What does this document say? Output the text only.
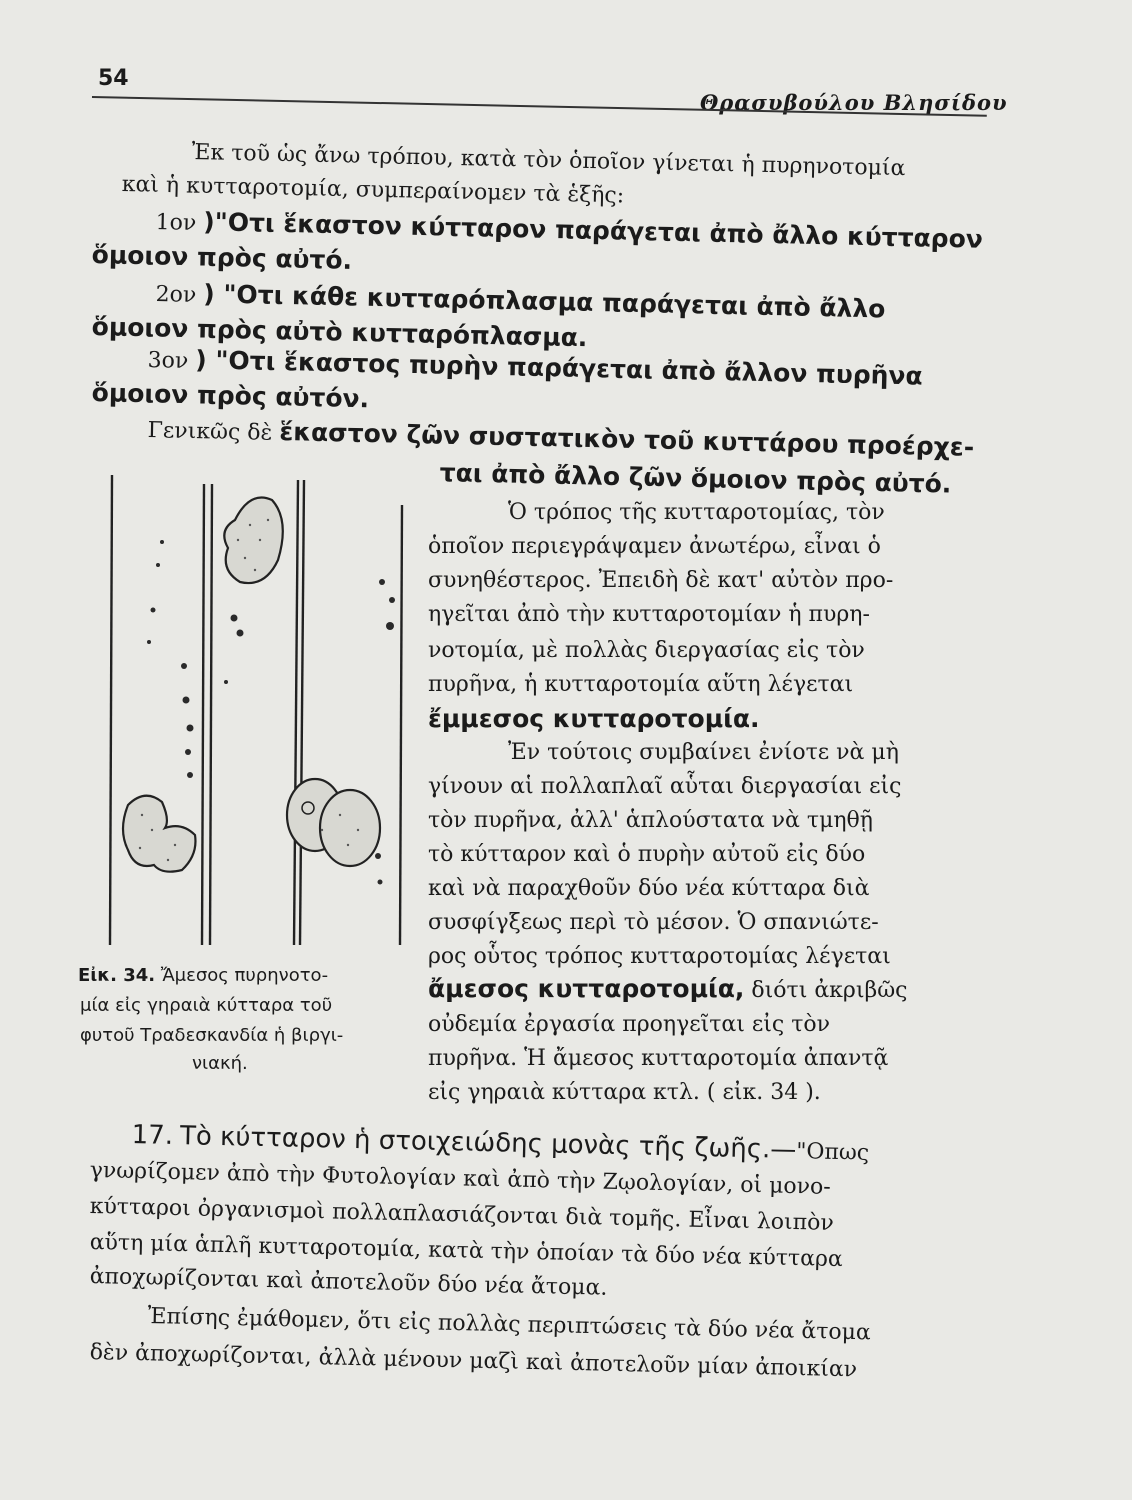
54
Θρασυβούλου Βλησίδου
Ἐκ τοῦ ὡς ἄνω τρόπου, κατὰ τὸν ὁποῖον γίνεται ἡ πυρηνοτομία
καὶ ἡ κυτταροτομία, συμπεραίνομεν τὰ ἑξῆς:
1ον )"Οτι ἕκαστον κύτταρον παράγεται ἀπὸ ἄλλο κύτταρον
ὅμοιον πρὸς αὐτό.
2ον ) "Οτι κάθε κυτταρόπλασμα παράγεται ἀπὸ ἄλλο
ὅμοιον πρὸς αὐτὸ κυτταρόπλασμα.
3ον ) "Οτι ἕκαστος πυρὴν παράγεται ἀπὸ ἄλλον πυρῆνα
ὅμοιον πρὸς αὐτόν.
Γενικῶς δὲ ἕκαστον ζῶν συστατικὸν τοῦ κυττάρου προέρχε-
ται ἀπὸ ἄλλο ζῶν ὅμοιον πρὸς αὐτό.
Εἰκ. 34. Ἄμεσος πυρηνοτο-
μία εἰς γηραιὰ κύτταρα τοῦ
φυτοῦ Τραδεσκανδία ἡ βιργι-
νιακή.
Ὁ τρόπος τῆς κυτταροτομίας, τὸν
ὁποῖον περιεγράψαμεν ἀνωτέρω, εἶναι ὁ
συνηθέστερος. Ἐπειδὴ δὲ κατ' αὐτὸν προ-
ηγεῖται ἀπὸ τὴν κυτταροτομίαν ἡ πυρη-
νοτομία, μὲ πολλὰς διεργασίας εἰς τὸν
πυρῆνα, ἡ κυτταροτομία αὕτη λέγεται
ἔμμεσος κυτταροτομία.
Ἐν τούτοις συμβαίνει ἐνίοτε νὰ μὴ
γίνουν αἱ πολλαπλαῖ αὗται διεργασίαι εἰς
τὸν πυρῆνα, ἀλλ' ἁπλούστατα νὰ τμηθῇ
τὸ κύτταρον καὶ ὁ πυρὴν αὐτοῦ εἰς δύο
καὶ νὰ παραχθοῦν δύο νέα κύτταρα διὰ
συσφίγξεως περὶ τὸ μέσον. Ὁ σπανιώτε-
ρος οὗτος τρόπος κυτταροτομίας λέγεται
ἄμεσος κυτταροτομία, διότι ἀκριβῶς
οὐδεμία ἐργασία προηγεῖται εἰς τὸν
πυρῆνα. Ἡ ἄμεσος κυτταροτομία ἀπαντᾷ
εἰς γηραιὰ κύτταρα κτλ. ( εἰκ. 34 ).
17. Τὸ κύτταρον ἡ στοιχειώδης μονὰς τῆς ζωῆς.—"Οπως
γνωρίζομεν ἀπὸ τὴν Φυτολογίαν καὶ ἀπὸ τὴν Ζῳολογίαν, οἱ μονο-
κύτταροι ὀργανισμοὶ πολλαπλασιάζονται διὰ τομῆς. Εἶναι λοιπὸν
αὕτη μία ἁπλῆ κυτταροτομία, κατὰ τὴν ὁποίαν τὰ δύο νέα κύτταρα
ἀποχωρίζονται καὶ ἀποτελοῦν δύο νέα ἄτομα.
Ἐπίσης ἐμάθομεν, ὅτι εἰς πολλὰς περιπτώσεις τὰ δύο νέα ἄτομα
δὲν ἀποχωρίζονται, ἀλλὰ μένουν μαζὶ καὶ ἀποτελοῦν μίαν ἀποικίαν
